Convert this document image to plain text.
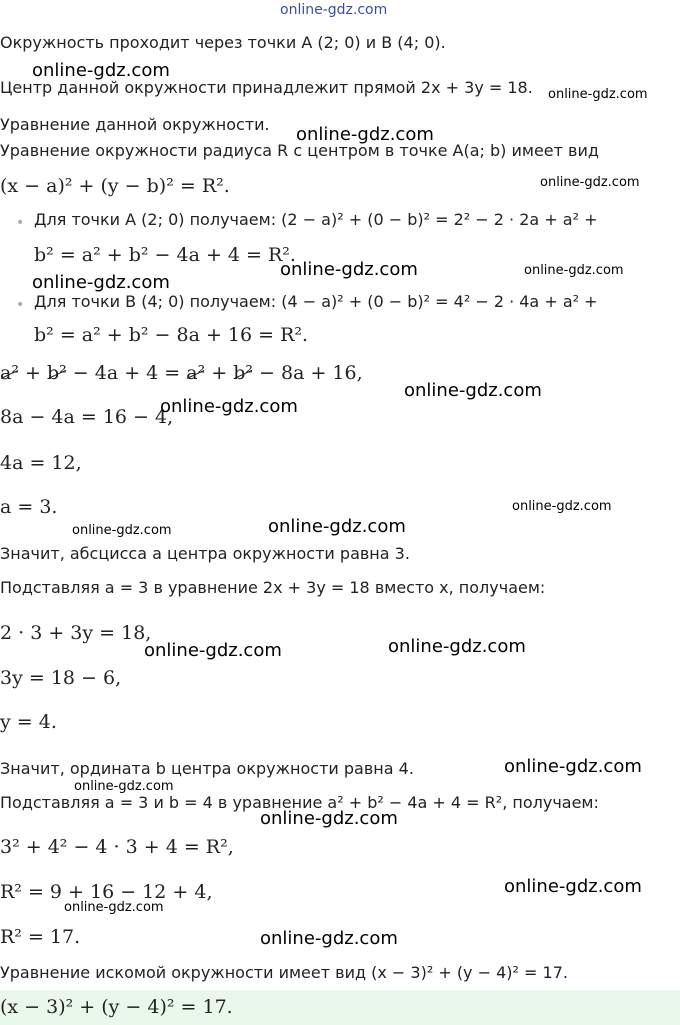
online-gdz.com
Окружность проходит через точки A (2; 0) и B (4; 0).
Центр данной окружности принадлежит прямой 2x + 3y = 18.
Уравнение данной окружности.
Уравнение окружности радиуса R с центром в точке A(a; b) имеет вид
(x − a)² + (y − b)² = R².
• Для точки A (2; 0) получаем: (2 − a)² + (0 − b)² = 2² − 2 · 2a + a² +
b² = a² + b² − 4a + 4 = R².
• Для точки B (4; 0) получаем: (4 − a)² + (0 − b)² = 4² − 2 · 4a + a² +
b² = a² + b² − 8a + 16 = R².
a² + b² − 4a + 4 = a² + b² − 8a + 16,
8a − 4a = 16 − 4,
4a = 12,
a = 3.
Значит, абсцисса a центра окружности равна 3.
Подставляя a = 3 в уравнение 2x + 3y = 18 вместо x, получаем:
2 · 3 + 3y = 18,
3y = 18 − 6,
y = 4.
Значит, ордината b центра окружности равна 4.
Подставляя a = 3 и b = 4 в уравнение a² + b² − 4a + 4 = R², получаем:
3² + 4² − 4 · 3 + 4 = R²,
R² = 9 + 16 − 12 + 4,
R² = 17.
Уравнение искомой окружности имеет вид (x − 3)² + (y − 4)² = 17.
(x − 3)² + (y − 4)² = 17.
online-gdz.com
online-gdz.com
online-gdz.com
online-gdz.com
online-gdz.com	online-gdz.com
online-gdz.com
online-gdz.com
online-gdz.com
online-gdz.com
online-gdz.com
online-gdz.com
online-gdz.com
online-gdz.com
online-gdz.com
online-gdz.com
online-gdz.com
online-gdz.com
online-gdz.com
online-gdz.com
